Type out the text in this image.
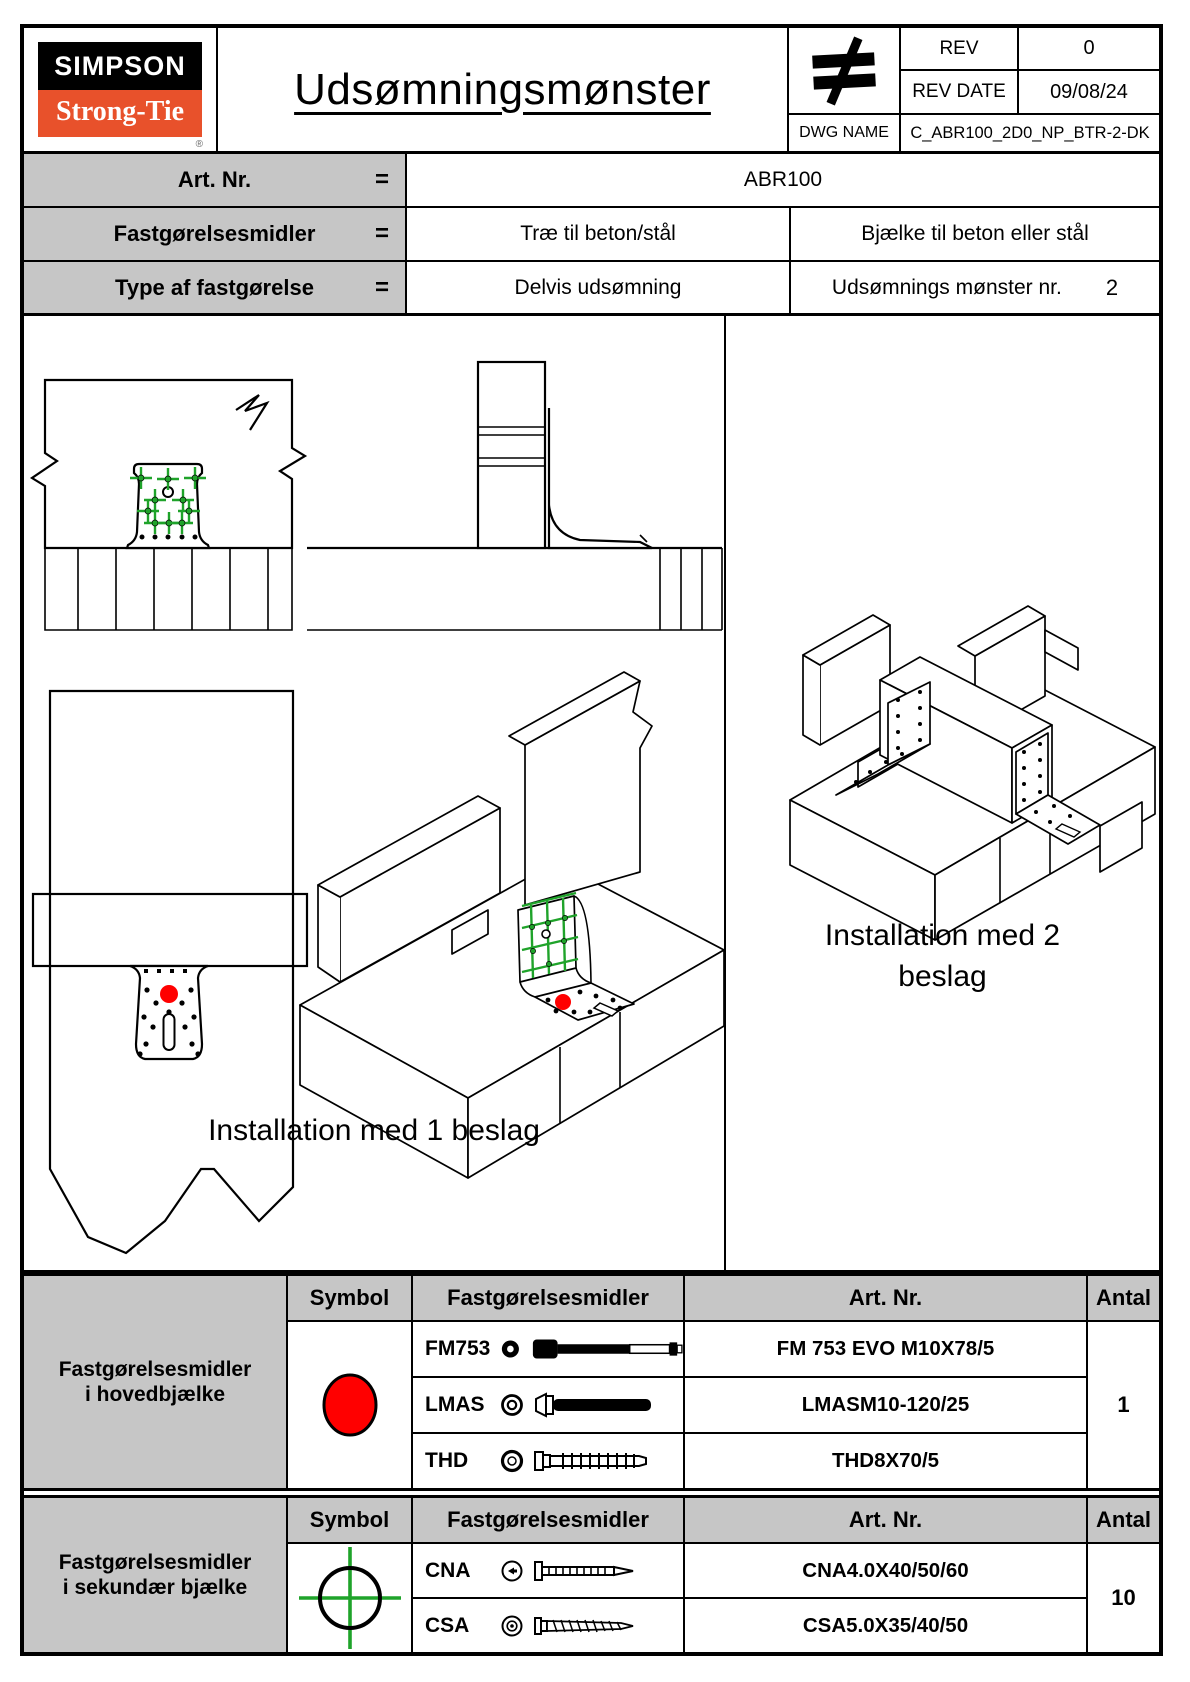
SIMPSON
Strong-Tie
®
Udsømningsmønster
REV	0
REV DATE	09/08/24
DWG NAME	C_ABR100_2D0_NP_BTR-2-DK
Art. Nr.	=	ABR100
Fastgørelsesmidler =	Træ til beton/stål	Bjælke til beton eller stål
Type af fastgørelse	=	Delvis udsømning	Udsømnings mønster nr. 2
Installation med 1 beslag
Installation med 2
beslag
Fastgørelsesmidler
i hovedbjælke
Symbol	Fastgørelsesmidler	Art. Nr.	Antal
FM753	FM 753 EVO M10X78/5
LMAS	LMASM10-120/25
THD	THD8X70/5
1
Fastgørelsesmidler
i sekundær bjælke
Symbol	Fastgørelsesmidler	Art. Nr.	Antal
CNA	CNA4.0X40/50/60
CSA	CSA5.0X35/40/50
10
